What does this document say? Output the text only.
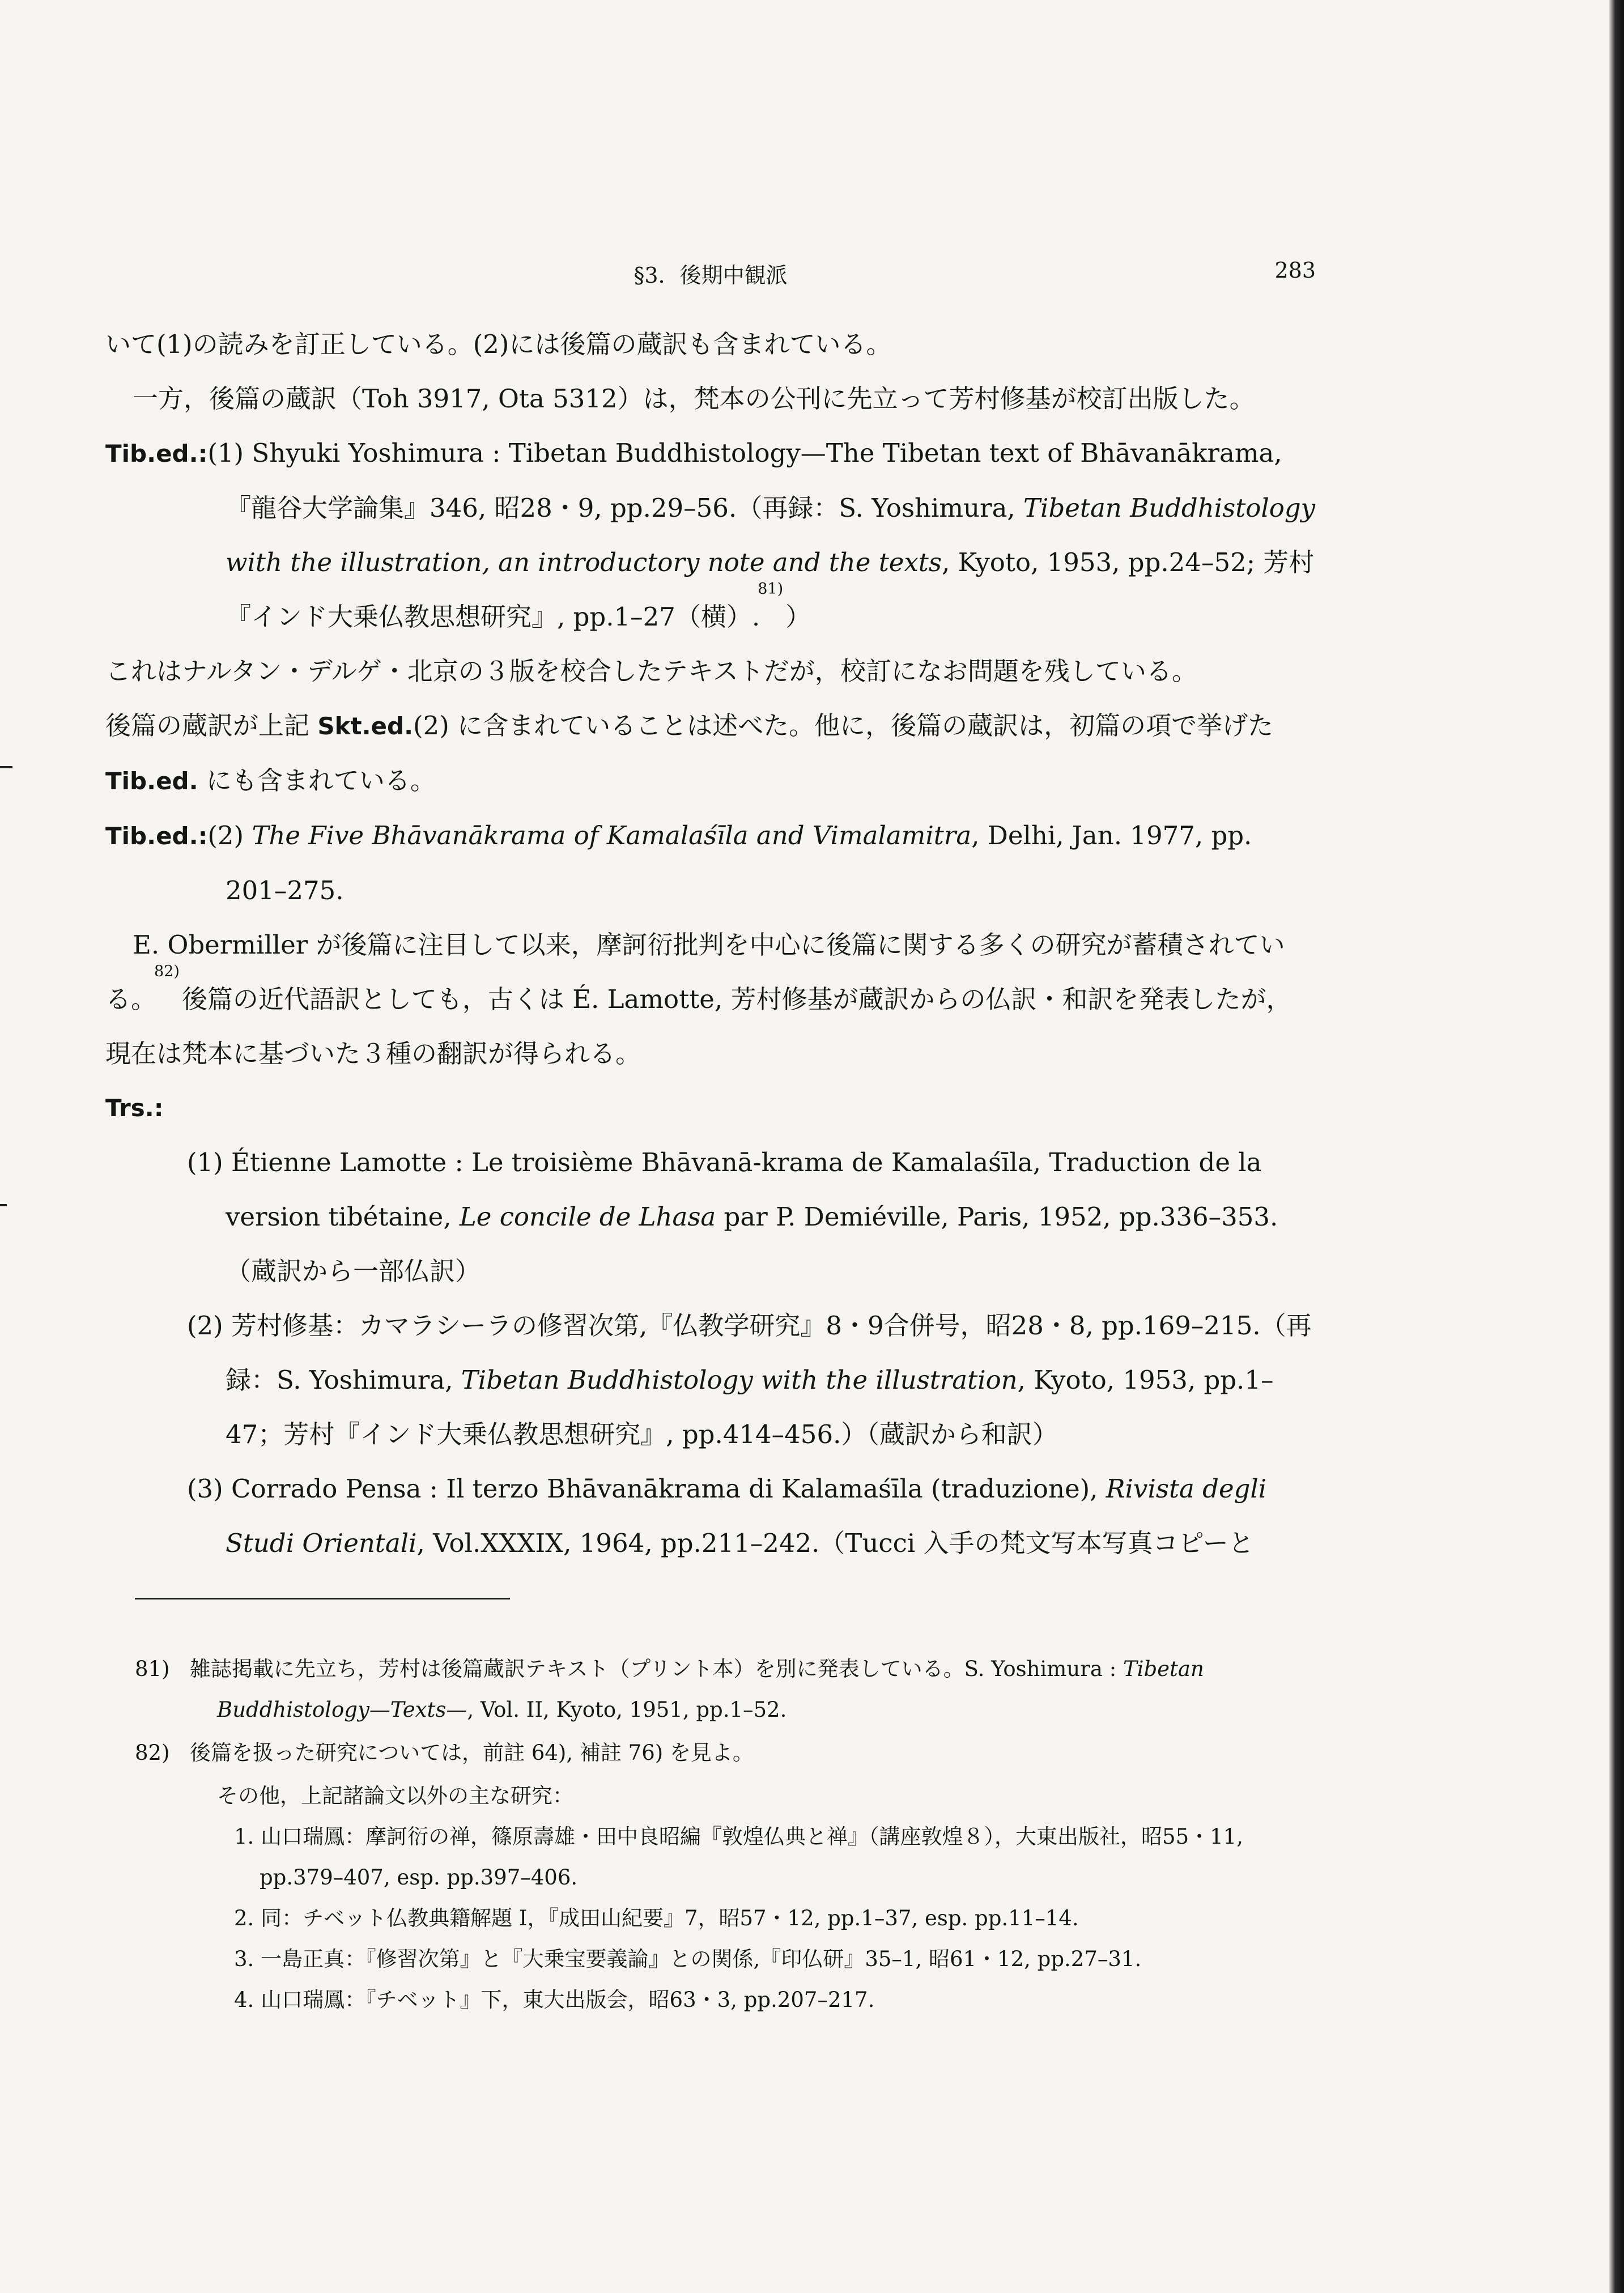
§3．後期中観派	283

いて(1)の読みを訂正している。(2)には後篇の蔵訳も含まれている。

一方，後篇の蔵訳（Toh 3917, Ota 5312）は，梵本の公刊に先立って芳村修基が校訂出版した。

Tib.ed.:(1) Shyuki Yoshimura : Tibetan Buddhistology—The Tibetan text of Bhāvanākrama,『龍谷大学論集』346, 昭28・9, pp.29–56.（再録：S. Yoshimura, Tibetan Buddhistology with the illustration, an introductory note and the texts, Kyoto, 1953, pp.24–52; 芳村『インド大乗仏教思想研究』, pp.1–27（横）.$^{81)}$）

これはナルタン・デルゲ・北京の３版を校合したテキストだが，校訂になお問題を残している。

後篇の蔵訳が上記 Skt.ed.(2) に含まれていることは述べた。他に，後篇の蔵訳は，初篇の項で挙げた Tib.ed. にも含まれている。

Tib.ed.:(2) The Five Bhāvanākrama of Kamalaśīla and Vimalamitra, Delhi, Jan. 1977, pp. 201–275.

E. Obermiller が後篇に注目して以来，摩訶衍批判を中心に後篇に関する多くの研究が蓄積されている。$^{82)}$後篇の近代語訳としても，古くは É. Lamotte, 芳村修基が蔵訳からの仏訳・和訳を発表したが，現在は梵本に基づいた３種の翻訳が得られる。

Trs.:

(1) Étienne Lamotte : Le troisième Bhāvanā-krama de Kamalaśīla, Traduction de la version tibétaine, Le concile de Lhasa par P. Demiéville, Paris, 1952, pp.336–353.（蔵訳から一部仏訳）

(2) 芳村修基：カマラシーラの修習次第,『仏教学研究』8・9合併号，昭28・8, pp.169–215.（再録：S. Yoshimura, Tibetan Buddhistology with the illustration, Kyoto, 1953, pp.1–47；芳村『インド大乗仏教思想研究』, pp.414–456.）（蔵訳から和訳）

(3) Corrado Pensa : Il terzo Bhāvanākrama di Kalamaśīla (traduzione), Rivista degli Studi Orientali, Vol.XXXIX, 1964, pp.211–242.（Tucci 入手の梵文写本写真コピーと

81) 雑誌掲載に先立ち，芳村は後篇蔵訳テキスト（プリント本）を別に発表している。S. Yoshimura : Tibetan Buddhistology—Texts—, Vol. II, Kyoto, 1951, pp.1–52.

82) 後篇を扱った研究については，前註 64), 補註 76) を見よ。

その他，上記諸論文以外の主な研究：

1. 山口瑞鳳：摩訶衍の禅，篠原壽雄・田中良昭編『敦煌仏典と禅』（講座敦煌８），大東出版社，昭55・11, pp.379–407, esp. pp.397–406.

2. 同：チベット仏教典籍解題 I，『成田山紀要』7，昭57・12, pp.1–37, esp. pp.11–14.

3. 一島正真：『修習次第』と『大乗宝要義論』との関係,『印仏研』35–1, 昭61・12, pp.27–31.

4. 山口瑞鳳：『チベット』下，東大出版会，昭63・3, pp.207–217.
